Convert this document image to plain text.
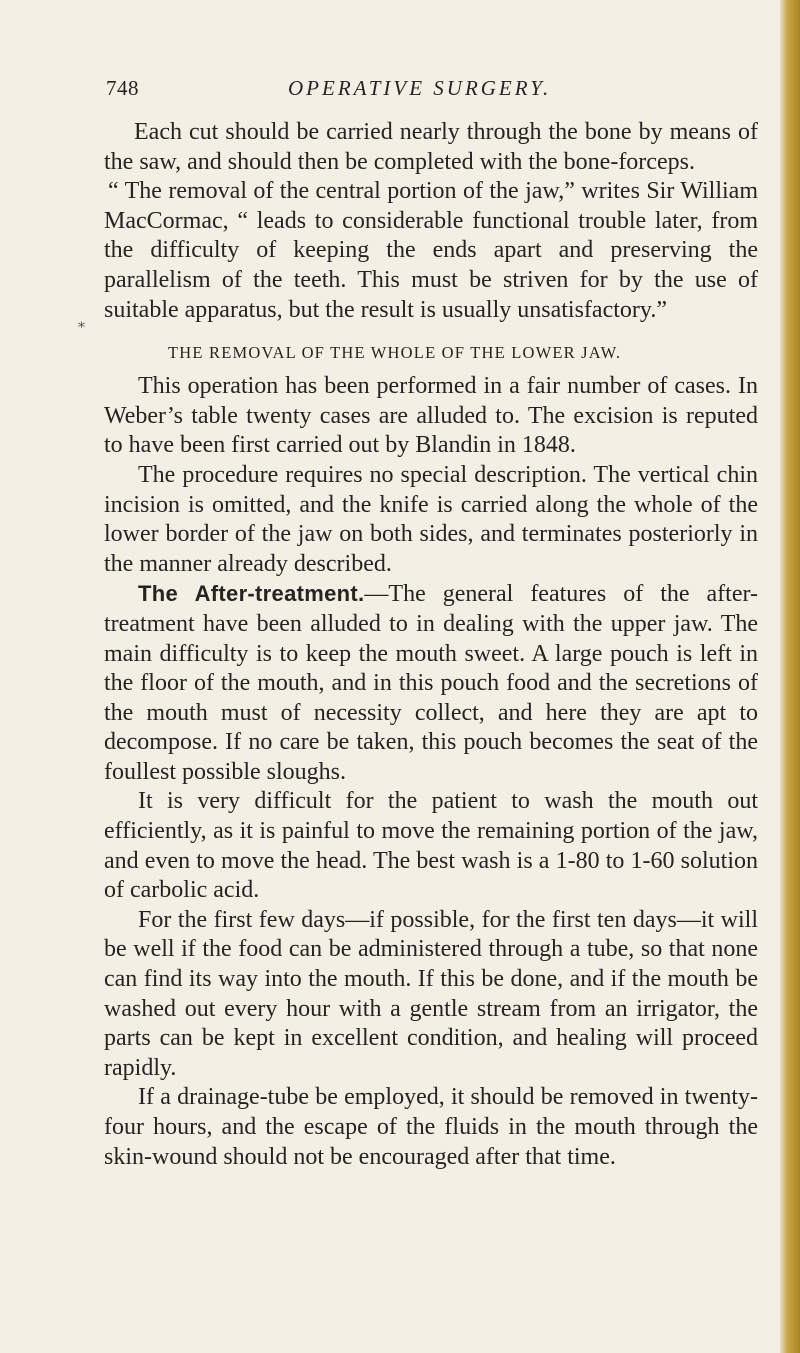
748	OPERATIVE SURGERY.
*

Each cut should be carried nearly through the bone by means of the saw, and should then be completed with the bone-forceps.

“ The removal of the central portion of the jaw,” writes Sir William MacCormac, “ leads to considerable functional trouble later, from the difficulty of keeping the ends apart and preserving the parallelism of the teeth. This must be striven for by the use of suitable apparatus, but the result is usually unsatisfactory.”

THE REMOVAL OF THE WHOLE OF THE LOWER JAW.

This operation has been performed in a fair number of cases. In Weber’s table twenty cases are alluded to. The excision is reputed to have been first carried out by Blandin in 1848.

The procedure requires no special description. The vertical chin incision is omitted, and the knife is carried along the whole of the lower border of the jaw on both sides, and terminates posteriorly in the manner already described.

The After-treatment.—The general features of the after-treatment have been alluded to in dealing with the upper jaw. The main difficulty is to keep the mouth sweet. A large pouch is left in the floor of the mouth, and in this pouch food and the secretions of the mouth must of necessity collect, and here they are apt to decompose. If no care be taken, this pouch becomes the seat of the foullest possible sloughs.

It is very difficult for the patient to wash the mouth out efficiently, as it is painful to move the remaining portion of the jaw, and even to move the head. The best wash is a 1-80 to 1-60 solution of carbolic acid.

For the first few days—if possible, for the first ten days—it will be well if the food can be administered through a tube, so that none can find its way into the mouth. If this be done, and if the mouth be washed out every hour with a gentle stream from an irrigator, the parts can be kept in excellent condition, and healing will proceed rapidly.

If a drainage-tube be employed, it should be removed in twenty-four hours, and the escape of the fluids in the mouth through the skin-wound should not be encouraged after that time.
